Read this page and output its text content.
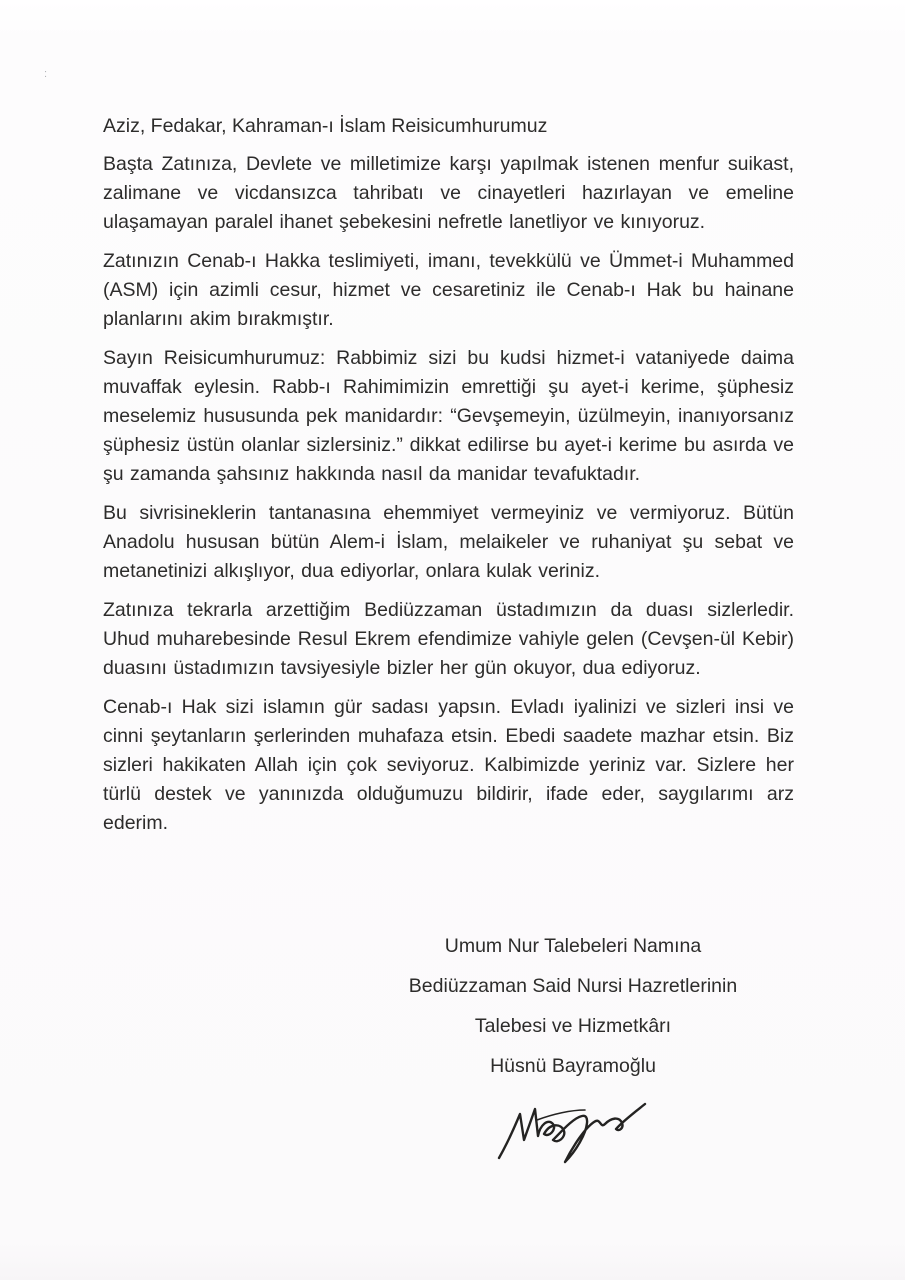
:
Aziz, Fedakar, Kahraman-ı İslam Reisicumhurumuz

Başta Zatınıza, Devlete ve milletimize karşı yapılmak istenen menfur suikast, zalimane ve vicdansızca tahribatı ve cinayetleri hazırlayan ve emeline ulaşamayan paralel ihanet şebekesini nefretle lanetliyor ve kınıyoruz.

Zatınızın Cenab-ı Hakka teslimiyeti, imanı, tevekkülü ve Ümmet-i Muhammed (ASM) için azimli cesur, hizmet ve cesaretiniz ile Cenab-ı Hak bu hainane planlarını akim bırakmıştır.

Sayın Reisicumhurumuz: Rabbimiz sizi bu kudsi hizmet-i vataniyede daima muvaffak eylesin. Rabb-ı Rahimimizin emrettiği şu ayet-i kerime, şüphesiz meselemiz hususunda pek manidardır: “Gevşemeyin, üzülmeyin, inanıyorsanız şüphesiz üstün olanlar sizlersiniz.” dikkat edilirse bu ayet-i kerime bu asırda ve şu zamanda şahsınız hakkında nasıl da manidar tevafuktadır.

Bu sivrisineklerin tantanasına ehemmiyet vermeyiniz ve vermiyoruz. Bütün Anadolu hususan bütün Alem-i İslam, melaikeler ve ruhaniyat şu sebat ve metanetinizi alkışlıyor, dua ediyorlar, onlara kulak veriniz.

Zatınıza tekrarla arzettiğim Bediüzzaman üstadımızın da duası sizlerledir. Uhud muharebesinde Resul Ekrem efendimize vahiyle gelen (Cevşen-ül Kebir) duasını üstadımızın tavsiyesiyle bizler her gün okuyor, dua ediyoruz.

Cenab-ı Hak sizi islamın gür sadası yapsın. Evladı iyalinizi ve sizleri insi ve cinni şeytanların şerlerinden muhafaza etsin. Ebedi saadete mazhar etsin. Biz sizleri hakikaten Allah için çok seviyoruz. Kalbimizde yeriniz var. Sizlere her türlü destek ve yanınızda olduğumuzu bildirir, ifade eder, saygılarımı arz ederim.

Umum Nur Talebeleri Namına
Bediüzzaman Said Nursi Hazretlerinin
Talebesi ve Hizmetkârı
Hüsnü Bayramoğlu
